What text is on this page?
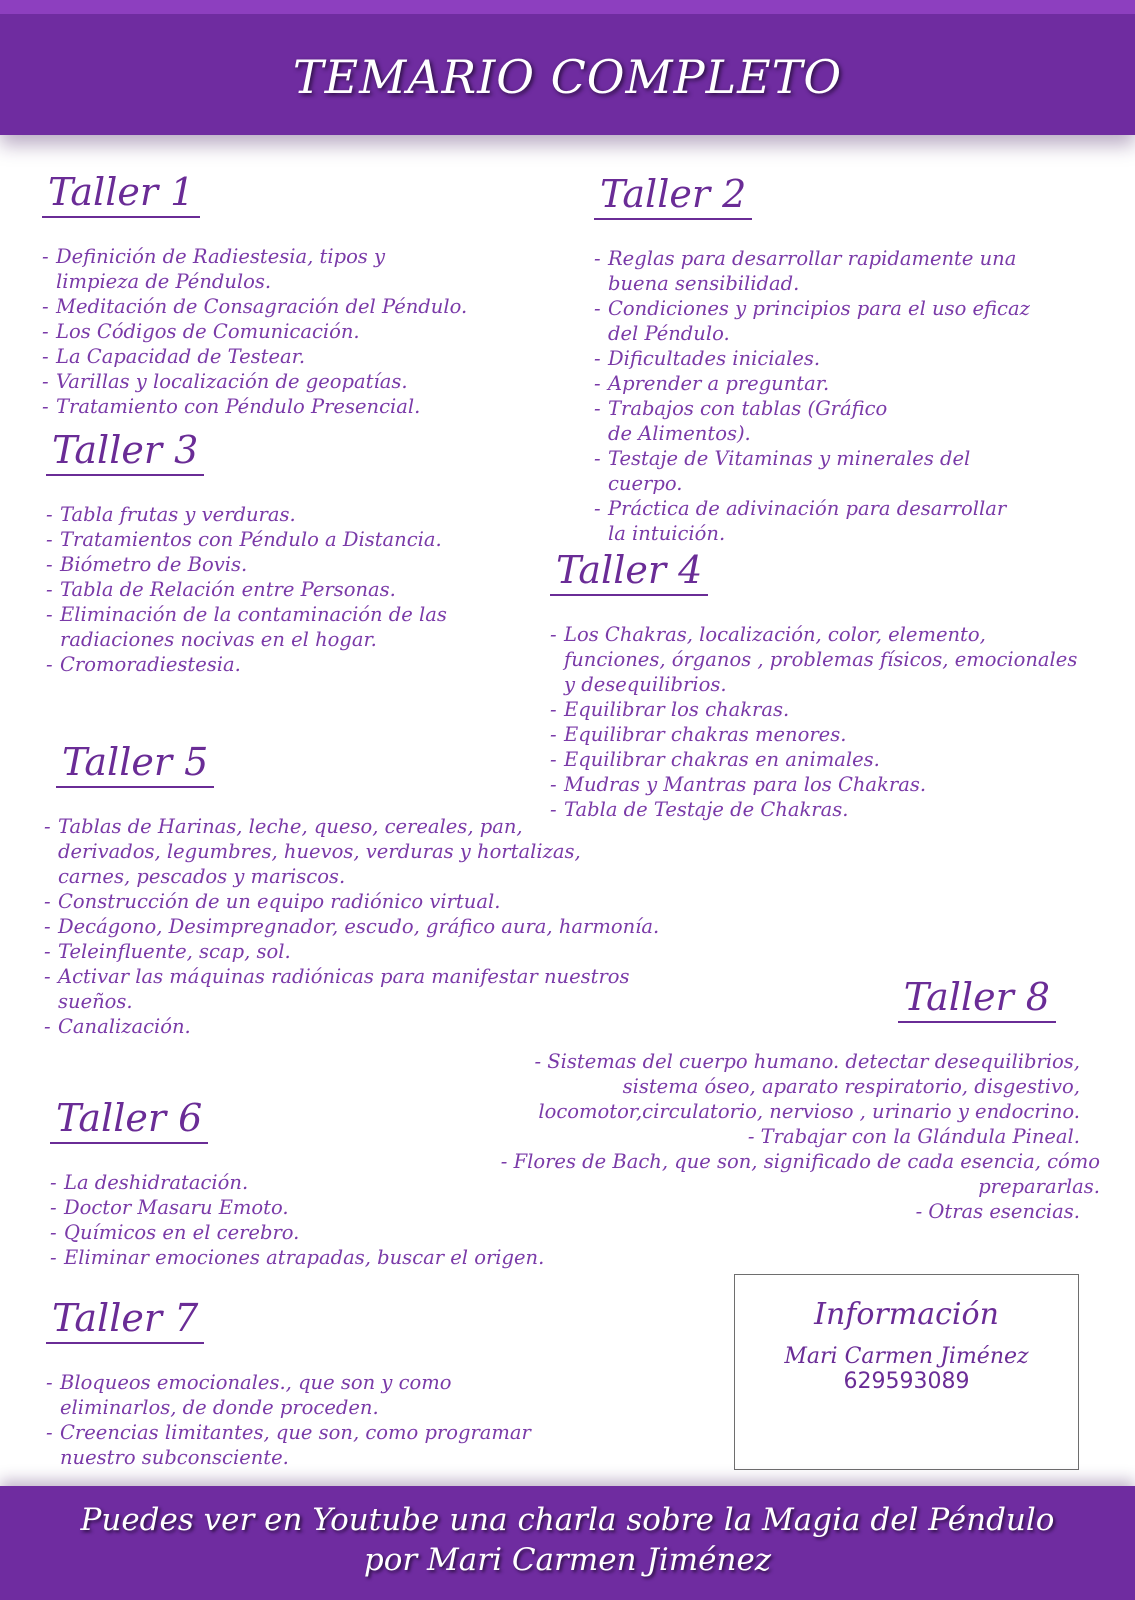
TEMARIO COMPLETO
Taller 1
- Definición de Radiestesia, tipos y limpieza de Péndulos.
- Meditación de Consagración del Péndulo.
- Los Códigos de Comunicación.
- La Capacidad de Testear.
- Varillas y localización de geopatías.
- Tratamiento con Péndulo Presencial.
Taller 2
- Reglas para desarrollar rapidamente una buena sensibilidad.
- Condiciones y principios para el uso eficaz del Péndulo.
- Dificultades iniciales.
- Aprender a preguntar.
- Trabajos con tablas (Gráfico de Alimentos).
- Testaje de Vitaminas y minerales del cuerpo.
- Práctica de adivinación para desarrollar la intuición.
Taller 3
- Tabla frutas y verduras.
- Tratamientos con Péndulo a Distancia.
- Biómetro de Bovis.
- Tabla de Relación entre Personas.
- Eliminación de la contaminación de las radiaciones nocivas en el hogar.
- Cromoradiestesia.
Taller 4
- Los Chakras, localización, color, elemento, funciones, órganos , problemas físicos, emocionales y desequilibrios.
- Equilibrar los chakras.
- Equilibrar chakras menores.
- Equilibrar chakras en animales.
- Mudras y Mantras para los Chakras.
- Tabla de Testaje de Chakras.
Taller 5
- Tablas de Harinas, leche, queso, cereales, pan, derivados, legumbres, huevos, verduras y hortalizas, carnes, pescados y mariscos.
- Construcción de un equipo radiónico virtual.
- Decágono, Desimpregnador, escudo, gráfico aura, harmonía.
- Teleinfluente, scap, sol.
- Activar las máquinas radiónicas para manifestar nuestros sueños.
- Canalización.
Taller 8
- Sistemas del cuerpo humano. detectar desequilibrios, sistema óseo, aparato respiratorio, disgestivo, locomotor,circulatorio, nervioso , urinario y endocrino.
- Trabajar con la Glándula Pineal.
- Flores de Bach, que son, significado de cada esencia, cómo prepararlas.
- Otras esencias.
Taller 6
- La deshidratación.
- Doctor Masaru Emoto.
- Químicos en el cerebro.
- Eliminar emociones atrapadas, buscar el origen.
Taller 7
- Bloqueos emocionales., que son y como eliminarlos, de donde proceden.
- Creencias limitantes, que son, como programar nuestro subconsciente.
Información
Mari Carmen Jiménez
629593089
Puedes ver en Youtube una charla sobre la Magia del Péndulo
por Mari Carmen Jiménez
